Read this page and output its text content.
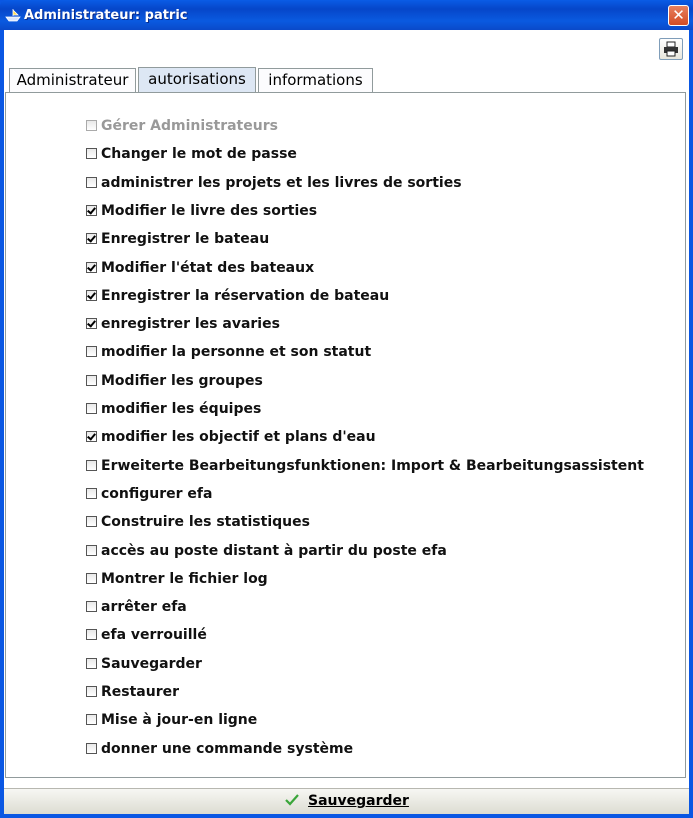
Administrateur: patric	✕
Administrateur	autorisations	informations
Gérer Administrateurs
Changer le mot de passe
administrer les projets et les livres de sorties
Modifier le livre des sorties
Enregistrer le bateau
Modifier l'état des bateaux
Enregistrer la réservation de bateau
enregistrer les avaries
modifier la personne et son statut
Modifier les groupes
modifier les équipes
modifier les objectif et plans d'eau
Erweiterte Bearbeitungsfunktionen: Import & Bearbeitungsassistent
configurer efa
Construire les statistiques
accès au poste distant à partir du poste efa
Montrer le fichier log
arrêter efa
efa verrouillé
Sauvegarder
Restaurer
Mise à jour-en ligne
donner une commande système
Sauvegarder
